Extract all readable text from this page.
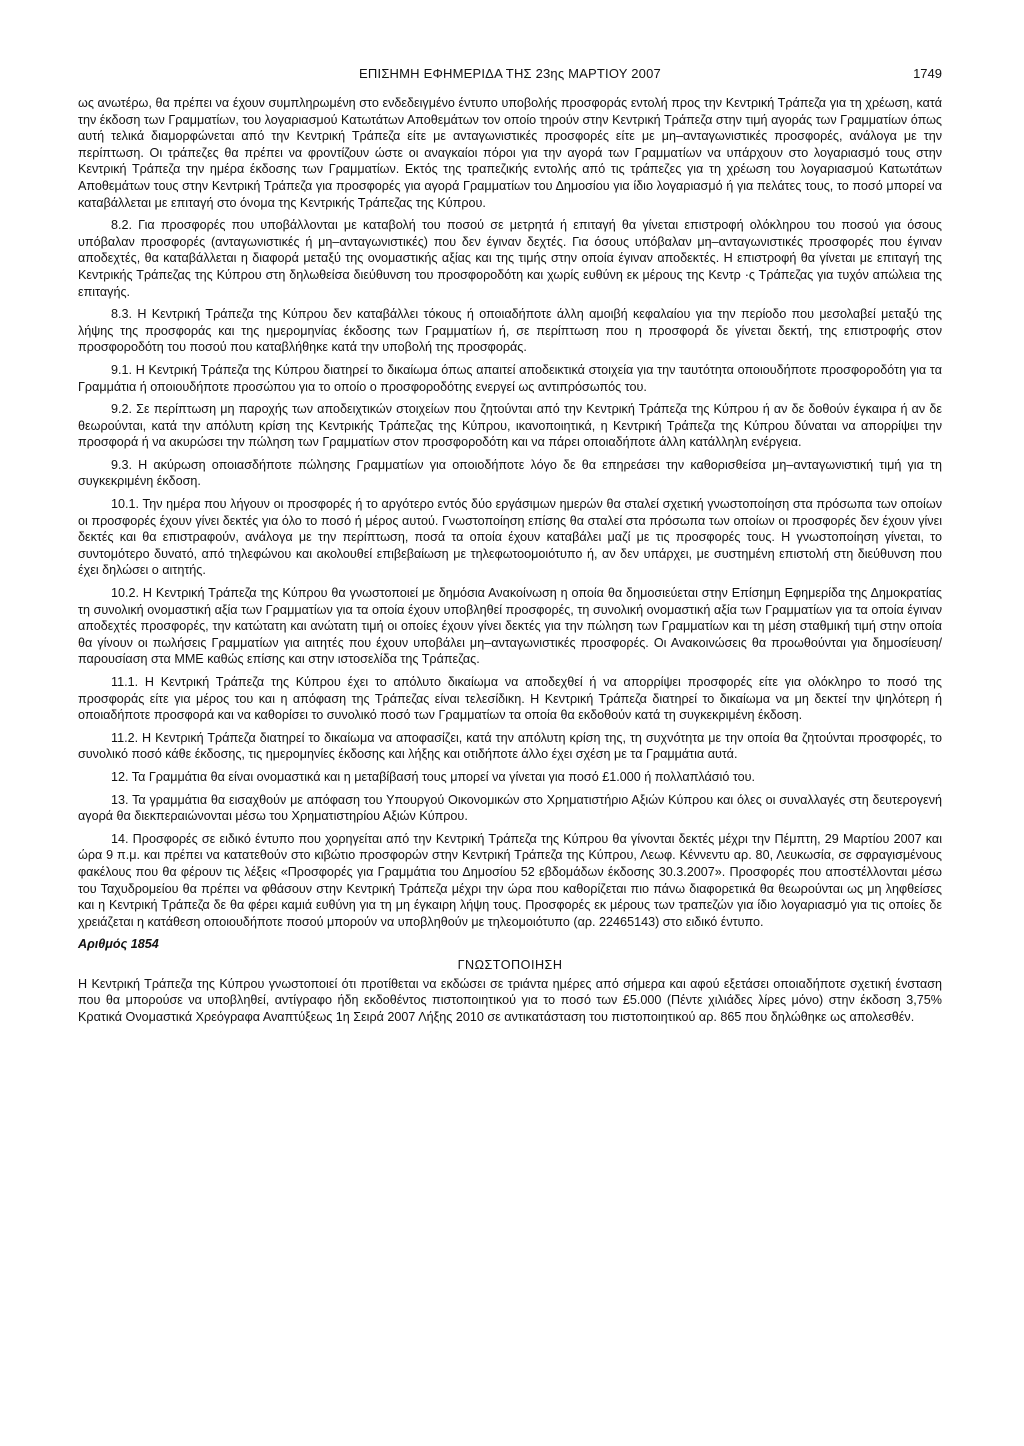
ΕΠΙΣΗΜΗ ΕΦΗΜΕΡΙΔΑ ΤΗΣ 23ης ΜΑΡΤΙΟΥ 2007	1749

ως ανωτέρω, θα πρέπει να έχουν συμπληρωμένη στο ενδεδειγμένο έντυπο υποβολής προσφοράς εντολή προς την Κεντρική Τράπεζα για τη χρέωση, κατά την έκδοση των Γραμματίων, του λογαριασμού Κατωτάτων Αποθεμάτων τον οποίο τηρούν στην Κεντρική Τράπεζα στην τιμή αγοράς των Γραμματίων όπως αυτή τελικά διαμορφώνεται από την Κεντρική Τράπεζα είτε με ανταγωνιστικές προσφορές είτε με μη–ανταγωνιστικές προσφορές, ανάλογα με την περίπτωση. Οι τράπεζες θα πρέπει να φροντίζουν ώστε οι αναγκαίοι πόροι για την αγορά των Γραμματίων να υπάρχουν στο λογαριασμό τους στην Κεντρική Τράπεζα την ημέρα έκδοσης των Γραμματίων. Εκτός της τραπεζικής εντολής από τις τράπεζες για τη χρέωση του λογαριασμού Κατωτάτων Αποθεμάτων τους στην Κεντρική Τράπεζα για προσφορές για αγορά Γραμματίων του Δημοσίου για ίδιο λογαριασμό ή για πελάτες τους, το ποσό μπορεί να καταβάλλεται με επιταγή στο όνομα της Κεντρικής Τράπεζας της Κύπρου.

8.2. Για προσφορές που υποβάλλονται με καταβολή του ποσού σε μετρητά ή επιταγή θα γίνεται επιστροφή ολόκληρου του ποσού για όσους υπόβαλαν προσφορές (ανταγωνιστικές ή μη–ανταγωνιστικές) που δεν έγιναν δεχτές. Για όσους υπόβαλαν μη–ανταγωνιστικές προσφορές που έγιναν αποδεχτές, θα καταβάλλεται η διαφορά μεταξύ της ονομαστικής αξίας και της τιμής στην οποία έγιναν αποδεκτές. Η επιστροφή θα γίνεται με επιταγή της Κεντρικής Τράπεζας της Κύπρου στη δηλωθείσα διεύθυνση του προσφοροδότη και χωρίς ευθύνη εκ μέρους της Κεντρ ·ς Τράπεζας για τυχόν απώλεια της επιταγής.

8.3. Η Κεντρική Τράπεζα της Κύπρου δεν καταβάλλει τόκους ή οποιαδήποτε άλλη αμοιβή κεφαλαίου για την περίοδο που μεσολαβεί μεταξύ της λήψης της προσφοράς και της ημερομηνίας έκδοσης των Γραμματίων ή, σε περίπτωση που η προσφορά δε γίνεται δεκτή, της επιστροφής στον προσφοροδότη του ποσού που καταβλήθηκε κατά την υποβολή της προσφοράς.

9.1. Η Κεντρική Τράπεζα της Κύπρου διατηρεί το δικαίωμα όπως απαιτεί αποδεικτικά στοιχεία για την ταυτότητα οποιουδήποτε προσφοροδότη για τα Γραμμάτια ή οποιουδήποτε προσώπου για το οποίο ο προσφοροδότης ενεργεί ως αντιπρόσωπός του.

9.2. Σε περίπτωση μη παροχής των αποδειχτικών στοιχείων που ζητούνται από την Κεντρική Τράπεζα της Κύπρου ή αν δε δοθούν έγκαιρα ή αν δε θεωρούνται, κατά την απόλυτη κρίση της Κεντρικής Τράπεζας της Κύπρου, ικανοποιητικά, η Κεντρική Τράπεζα της Κύπρου δύναται να απορρίψει την προσφορά ή να ακυρώσει την πώληση των Γραμματίων στον προσφοροδότη και να πάρει οποιαδήποτε άλλη κατάλληλη ενέργεια.

9.3. Η ακύρωση οποιασδήποτε πώλησης Γραμματίων για οποιοδήποτε λόγο δε θα επηρεάσει την καθορισθείσα μη–ανταγωνιστική τιμή για τη συγκεκριμένη έκδοση.

10.1. Την ημέρα που λήγουν οι προσφορές ή το αργότερο εντός δύο εργάσιμων ημερών θα σταλεί σχετική γνωστοποίηση στα πρόσωπα των οποίων οι προσφορές έχουν γίνει δεκτές για όλο το ποσό ή μέρος αυτού. Γνωστοποίηση επίσης θα σταλεί στα πρόσωπα των οποίων οι προσφορές δεν έχουν γίνει δεκτές και θα επιστραφούν, ανάλογα με την περίπτωση, ποσά τα οποία έχουν καταβάλει μαζί με τις προσφορές τους. Η γνωστοποίηση γίνεται, το συντομότερο δυνατό, από τηλεφώνου και ακολουθεί επιβεβαίωση με τηλεφωτοομοιότυπο ή, αν δεν υπάρχει, με συστημένη επιστολή στη διεύθυνση που έχει δηλώσει ο αιτητής.

10.2. Η Κεντρική Τράπεζα της Κύπρου θα γνωστοποιεί με δημόσια Ανακοίνωση η οποία θα δημοσιεύεται στην Επίσημη Εφημερίδα της Δημοκρατίας τη συνολική ονομαστική αξία των Γραμματίων για τα οποία έχουν υποβληθεί προσφορές, τη συνολική ονομαστική αξία των Γραμματίων για τα οποία έγιναν αποδεχτές προσφορές, την κατώτατη και ανώτατη τιμή οι οποίες έχουν γίνει δεκτές για την πώληση των Γραμματίων και τη μέση σταθμική τιμή στην οποία θα γίνουν οι πωλήσεις Γραμματίων για αιτητές που έχουν υποβάλει μη–ανταγωνιστικές προσφορές. Οι Ανακοινώσεις θα προωθούνται για δημοσίευση/παρουσίαση στα ΜΜΕ καθώς επίσης και στην ιστοσελίδα της Τράπεζας.

11.1. Η Κεντρική Τράπεζα της Κύπρου έχει το απόλυτο δικαίωμα να αποδεχθεί ή να απορρίψει προσφορές είτε για ολόκληρο το ποσό της προσφοράς είτε για μέρος του και η απόφαση της Τράπεζας είναι τελεσίδικη. Η Κεντρική Τράπεζα διατηρεί το δικαίωμα να μη δεκτεί την ψηλότερη ή οποιαδήποτε προσφορά και να καθορίσει το συνολικό ποσό των Γραμματίων τα οποία θα εκδοθούν κατά τη συγκεκριμένη έκδοση.

11.2. Η Κεντρική Τράπεζα διατηρεί το δικαίωμα να αποφασίζει, κατά την απόλυτη κρίση της, τη συχνότητα με την οποία θα ζητούνται προσφορές, το συνολικό ποσό κάθε έκδοσης, τις ημερομηνίες έκδοσης και λήξης και οτιδήποτε άλλο έχει σχέση με τα Γραμμάτια αυτά.

12. Τα Γραμμάτια θα είναι ονομαστικά και η μεταβίβασή τους μπορεί να γίνεται για ποσό £1.000 ή πολλαπλάσιό του.

13. Τα γραμμάτια θα εισαχθούν με απόφαση του Υπουργού Οικονομικών στο Χρηματιστήριο Αξιών Κύπρου και όλες οι συναλλαγές στη δευτερογενή αγορά θα διεκπεραιώνονται μέσω του Χρηματιστηρίου Αξιών Κύπρου.

14. Προσφορές σε ειδικό έντυπο που χορηγείται από την Κεντρική Τράπεζα της Κύπρου θα γίνονται δεκτές μέχρι την Πέμπτη, 29 Μαρτίου 2007 και ώρα 9 π.μ. και πρέπει να κατατεθούν στο κιβώτιο προσφορών στην Κεντρική Τράπεζα της Κύπρου, Λεωφ. Κέννεντυ αρ. 80, Λευκωσία, σε σφραγισμένους φακέλους που θα φέρουν τις λέξεις «Προσφορές για Γραμμάτια του Δημοσίου 52 εβδομάδων έκδοσης 30.3.2007». Προσφορές που αποστέλλονται μέσω του Ταχυδρομείου θα πρέπει να φθάσουν στην Κεντρική Τράπεζα μέχρι την ώρα που καθορίζεται πιο πάνω διαφορετικά θα θεωρούνται ως μη ληφθείσες και η Κεντρική Τράπεζα δε θα φέρει καμιά ευθύνη για τη μη έγκαιρη λήψη τους. Προσφορές εκ μέρους των τραπεζών για ίδιο λογαριασμό για τις οποίες δε χρειάζεται η κατάθεση οποιουδήποτε ποσού μπορούν να υποβληθούν με τηλεομοιότυπο (αρ. 22465143) στο ειδικό έντυπο.

Αριθμός 1854
ΓΝΩΣΤΟΠΟΙΗΣΗ

Η Κεντρική Τράπεζα της Κύπρου γνωστοποιεί ότι προτίθεται να εκδώσει σε τριάντα ημέρες από σήμερα και αφού εξετάσει οποιαδήποτε σχετική ένσταση που θα μπορούσε να υποβληθεί, αντίγραφο ήδη εκδοθέντος πιστοποιητικού για το ποσό των £5.000 (Πέντε χιλιάδες λίρες μόνο) στην έκδοση 3,75% Κρατικά Ονομαστικά Χρεόγραφα Αναπτύξεως 1η Σειρά 2007 Λήξης 2010 σε αντικατάσταση του πιστοποιητικού αρ. 865 που δηλώθηκε ως απολεσθέν.
